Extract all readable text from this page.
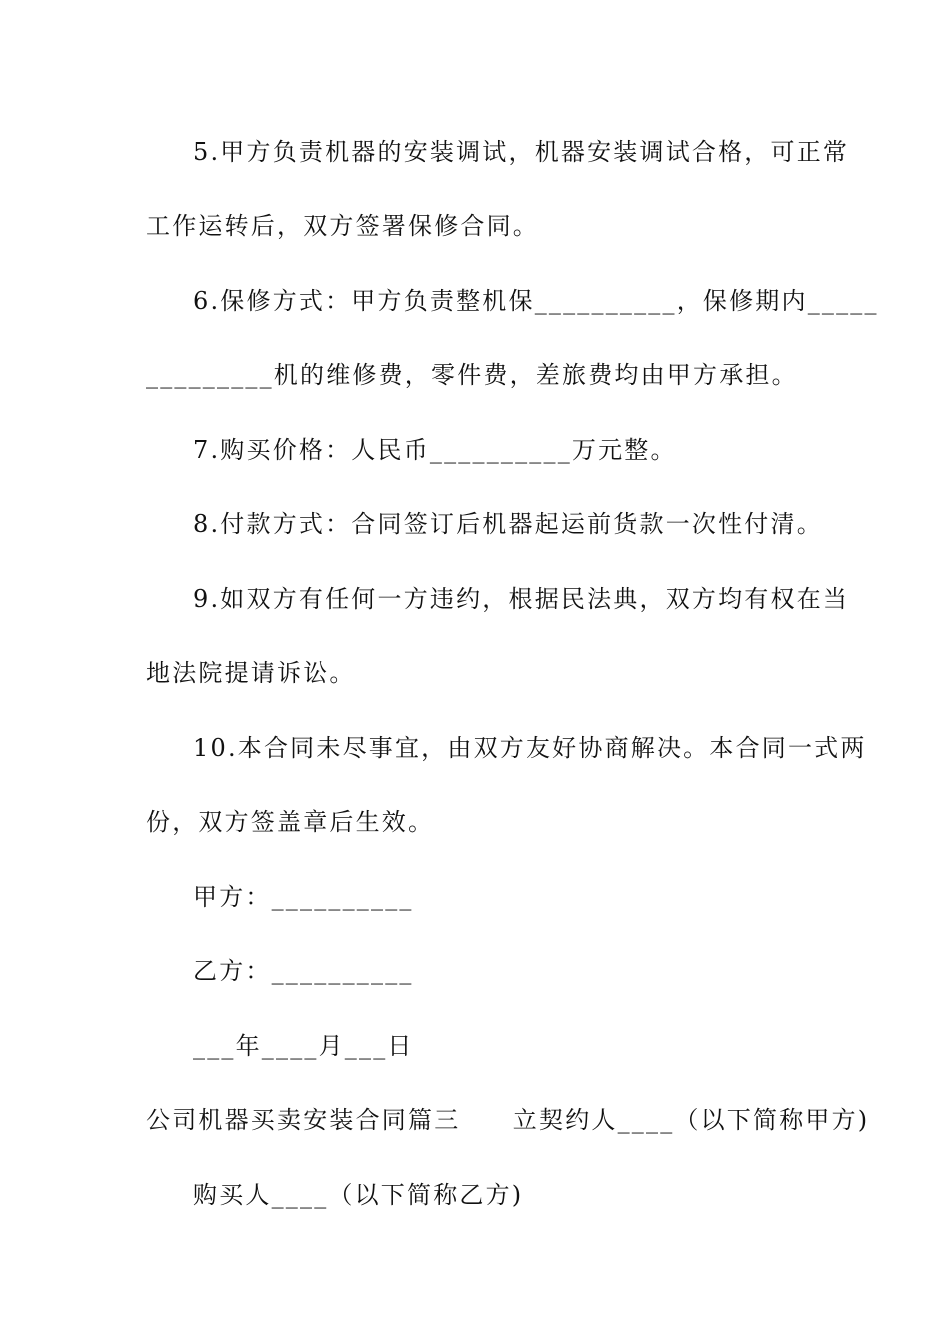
5.甲方负责机器的安装调试，机器安装调试合格，可正常
工作运转后，双方签署保修合同。
6.保修方式：甲方负责整机保__________，保修期内_____
_________机的维修费，零件费，差旅费均由甲方承担。
7.购买价格：人民币__________万元整。
8.付款方式：合同签订后机器起运前货款一次性付清。
9.如双方有任何一方违约，根据民法典，双方均有权在当
地法院提请诉讼。
10.本合同未尽事宜，由双方友好协商解决。本合同一式两
份，双方签盖章后生效。
甲方：__________
乙方：__________
___年____月___日
公司机器买卖安装合同篇三　　立契约人____（以下简称甲方)
购买人____（以下简称乙方)
